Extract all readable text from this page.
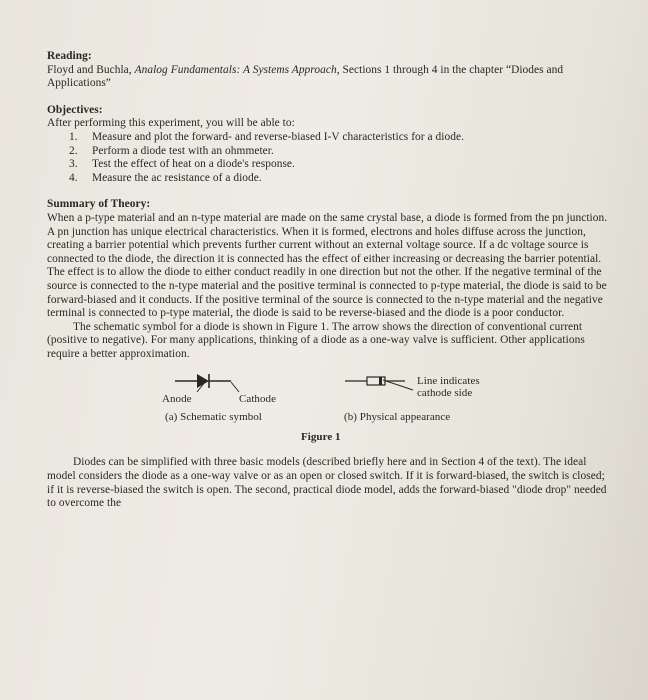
Reading:
Floyd and Buchla, Analog Fundamentals: A Systems Approach, Sections 1 through 4 in the chapter “Diodes and Applications”
Objectives:
After performing this experiment, you will be able to:
1.	Measure and plot the forward- and reverse-biased I-V characteristics for a diode.
2.	Perform a diode test with an ohmmeter.
3.	Test the effect of heat on a diode's response.
4.	Measure the ac resistance of a diode.
Summary of Theory:
When a p-type material and an n-type material are made on the same crystal base, a diode is formed from the pn junction. A pn junction has unique electrical characteristics. When it is formed, electrons and holes diffuse across the junction, creating a barrier potential which prevents further current without an external voltage source. If a dc voltage source is connected to the diode, the direction it is connected has the effect of either increasing or decreasing the barrier potential. The effect is to allow the diode to either conduct readily in one direction but not the other. If the negative terminal of the source is connected to the n-type material and the positive terminal is connected to p-type material, the diode is said to be forward-biased and it conducts. If the positive terminal of the source is connected to the n-type material and the negative terminal is connected to p-type material, the diode is said to be reverse-biased and the diode is a poor conductor.
The schematic symbol for a diode is shown in Figure 1. The arrow shows the direction of conventional current (positive to negative). For many applications, thinking of a diode as a one-way valve is sufficient. Other applications require a better approximation.
Anode	Cathode
(a) Schematic symbol
Line indicates
cathode side
(b) Physical appearance
Figure 1
Diodes can be simplified with three basic models (described briefly here and in Section 4 of the text). The ideal model considers the diode as a one-way valve or as an open or closed switch. If it is forward-biased, the switch is closed; if it is reverse-biased the switch is open. The second, practical diode model, adds the forward-biased "diode drop" needed to overcome the
